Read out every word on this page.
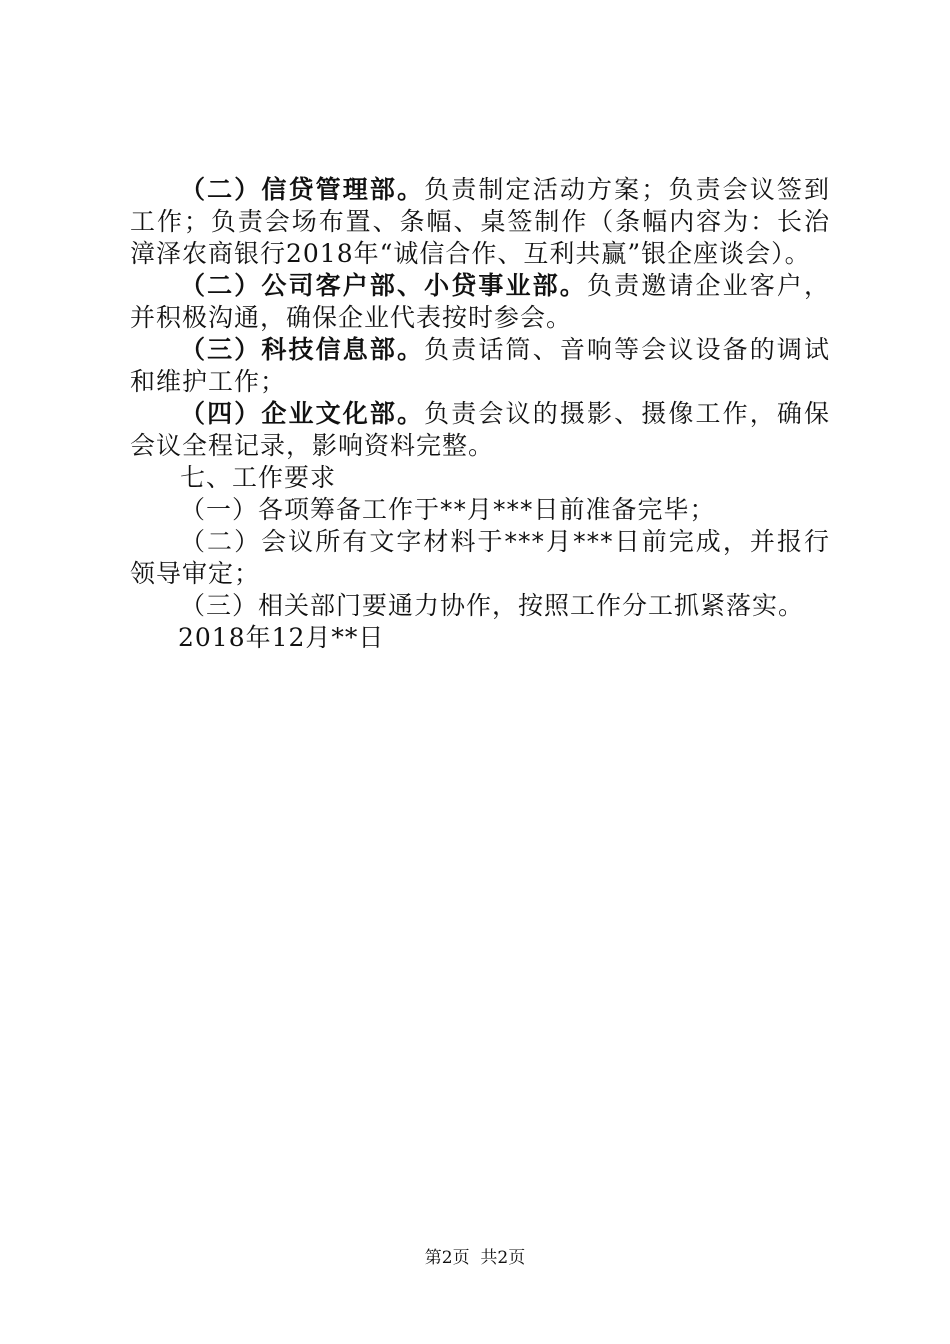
（二）信贷管理部。负责制定活动方案；负责会议签到工作；负责会场布置、条幅、桌签制作（条幅内容为：长治漳泽农商银行2018年“诚信合作、互利共赢”银企座谈会）。

（二）公司客户部、小贷事业部。负责邀请企业客户，并积极沟通，确保企业代表按时参会。

（三）科技信息部。负责话筒、音响等会议设备的调试和维护工作；

（四）企业文化部。负责会议的摄影、摄像工作，确保会议全程记录，影响资料完整。

七、工作要求

（一）各项筹备工作于**月***日前准备完毕；

（二）会议所有文字材料于***月***日前完成，并报行领导审定；

（三）相关部门要通力协作，按照工作分工抓紧落实。

2018年12月**日

第2页  共2页
